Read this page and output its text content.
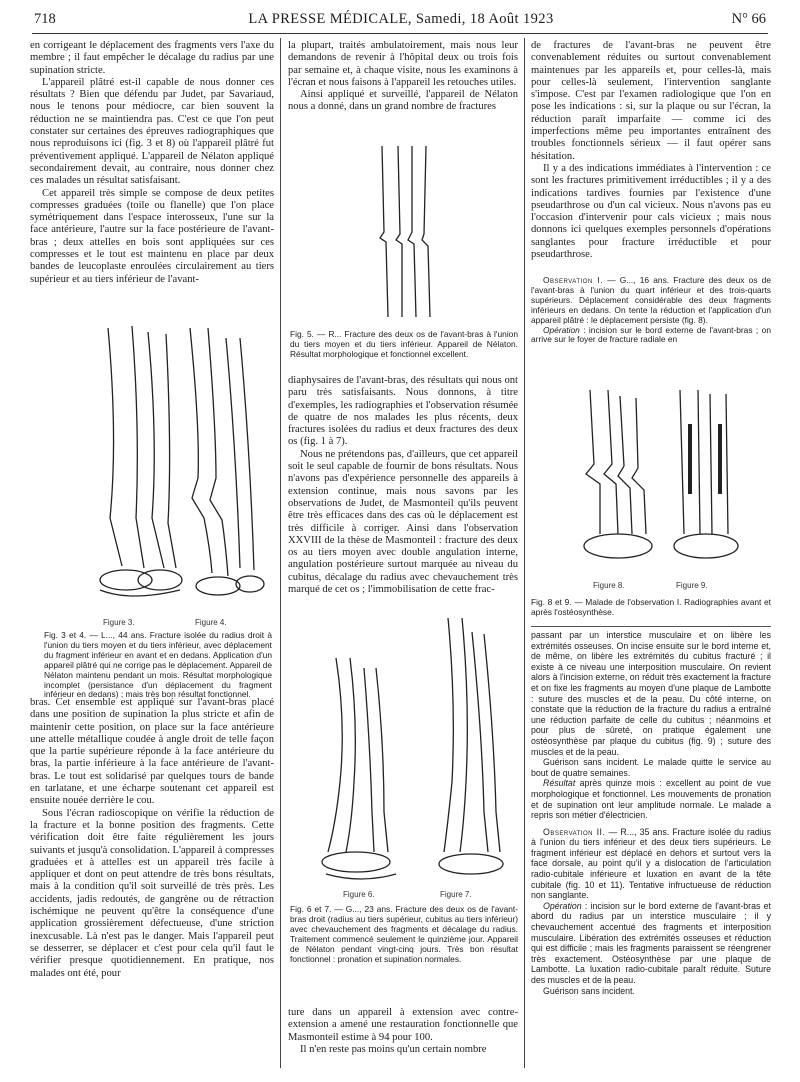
718	LA PRESSE MÉDICALE, Samedi, 18 Août 1923	N° 66

en corrigeant le déplacement des fragments vers l'axe du membre ; il faut empêcher le décalage du radius par une supination stricte.

L'appareil plâtré est-il capable de nous donner ces résultats ? Bien que défendu par Judet, par Savariaud, nous le tenons pour médiocre, car bien souvent la réduction ne se maintiendra pas. C'est ce que l'on peut constater sur certaines des épreuves radiographiques que nous reproduisons ici (fig. 3 et 8) où l'appareil plâtré fut préventivement appliqué. L'appareil de Nélaton appliqué secondairement devait, au contraire, nous donner chez ces malades un résultat satisfaisant.

Cet appareil très simple se compose de deux petites compresses graduées (toile ou flanelle) que l'on place symétriquement dans l'espace interosseux, l'une sur la face antérieure, l'autre sur la face postérieure de l'avant-bras ; deux attelles en bois sont appliquées sur ces compresses et le tout est maintenu en place par deux bandes de leucoplaste enroulées circulairement au tiers supérieur et au tiers inférieur de l'avant-

Figure 3.	Figure 4.
Fig. 3 et 4. — L..., 44 ans. Fracture isolée du radius droit à l'union du tiers moyen et du tiers inférieur, avec déplacement du fragment inférieur en avant et en dedans. Application d'un appareil plâtré qui ne corrige pas le déplacement. Appareil de Nélaton maintenu pendant un mois. Résultat morphologique incomplet (persistance d'un déplacement du fragment inférieur en dedans) ; mais très bon résultat fonctionnel.

bras. Cet ensemble est appliqué sur l'avant-bras placé dans une position de supination la plus stricte et afin de maintenir cette position, on place sur la face antérieure une attelle métallique coudée à angle droit de telle façon que la partie supérieure réponde à la face antérieure du bras, la partie inférieure à la face antérieure de l'avant-bras. Le tout est solidarisé par quelques tours de bande en tarlatane, et une écharpe soutenant cet appareil est ensuite nouée derrière le cou.

Sous l'écran radioscopique on vérifie la réduction de la fracture et la bonne position des fragments. Cette vérification doit être faite régulièrement les jours suivants et jusqu'à consolidation. L'appareil à compresses graduées et à attelles est un appareil très facile à appliquer et dont on peut attendre de très bons résultats, mais à la condition qu'il soit surveillé de très près. Les accidents, jadis redoutés, de gangrène ou de rétraction ischémique ne peuvent qu'être la conséquence d'une application grossièrement défectueuse, d'une striction inexcusable. Là n'est pas le danger. Mais l'appareil peut se desserrer, se déplacer et c'est pour cela qu'il faut le vérifier presque quotidiennement. En pratique, nos malades ont été, pour

la plupart, traités ambulatoirement, mais nous leur demandons de revenir à l'hôpital deux ou trois fois par semaine et, à chaque visite, nous les examinons à l'écran et nous faisons à l'appareil les retouches utiles.

Ainsi appliqué et surveillé, l'appareil de Nélaton nous a donné, dans un grand nombre de fractures

Fig. 5. — R... Fracture des deux os de l'avant-bras à l'union du tiers moyen et du tiers inférieur. Appareil de Nélaton. Résultat morphologique et fonctionnel excellent.

diaphysaires de l'avant-bras, des résultats qui nous ont paru très satisfaisants. Nous donnons, à titre d'exemples, les radiographies et l'observation résumée de quatre de nos malades les plus récents, deux fractures isolées du radius et deux fractures des deux os (fig. 1 à 7).

Nous ne prétendons pas, d'ailleurs, que cet appareil soit le seul capable de fournir de bons résultats. Nous n'avons pas d'expérience personnelle des appareils à extension continue, mais nous savons par les observations de Judet, de Masmonteil qu'ils peuvent être très efficaces dans des cas où le déplacement est très difficile à corriger. Ainsi dans l'observation XXVIII de la thèse de Masmonteil : fracture des deux os au tiers moyen avec double angulation interne, angulation postérieure surtout marquée au niveau du cubitus, décalage du radius avec chevauchement très marqué de cet os ; l'immobilisation de cette frac-

Figure 6.	Figure 7.
Fig. 6 et 7. — G..., 23 ans. Fracture des deux os de l'avant-bras droit (radius au tiers supérieur, cubitus au tiers inférieur) avec chevauchement des fragments et décalage du radius. Traitement commencé seulement le quinzième jour. Appareil de Nélaton pendant vingt-cinq jours. Très bon résultat fonctionnel : pronation et supination normales.

ture dans un appareil à extension avec contre-extension a amené une restauration fonctionnelle que Masmonteil estime à 94 pour 100.

Il n'en reste pas moins qu'un certain nombre

de fractures de l'avant-bras ne peuvent être convenablement réduites ou surtout convenablement maintenues par les appareils et, pour celles-là, mais pour celles-là seulement, l'intervention sanglante s'impose. C'est par l'examen radiologique que l'on en pose les indications : si, sur la plaque ou sur l'écran, la réduction paraît imparfaite — comme ici des imperfections même peu importantes entraînent des troubles fonctionnels sérieux — il faut opérer sans hésitation.

Il y a des indications immédiates à l'intervention : ce sont les fractures primitivement irréductibles ; il y a des indications tardives fournies par l'existence d'une pseudarthrose ou d'un cal vicieux. Nous n'avons pas eu l'occasion d'intervenir pour cals vicieux ; mais nous donnons ici quelques exemples personnels d'opérations sanglantes pour fracture irréductible et pour pseudarthrose.

Observation I. — G..., 16 ans. Fracture des deux os de l'avant-bras à l'union du quart inférieur et des trois-quarts supérieurs. Déplacement considérable des deux fragments inférieurs en dedans. On tente la réduction et l'application d'un appareil plâtré : le déplacement persiste (fig. 8).

Opération : incision sur le bord externe de l'avant-bras ; on arrive sur le foyer de fracture radiale en

Figure 8.	Figure 9.
Fig. 8 et 9. — Malade de l'observation I. Radiographies avant et après l'ostéosynthèse.

passant par un interstice musculaire et on libère les extrémités osseuses. On incise ensuite sur le bord interne et, de même, on libère les extrémités du cubitus fracturé ; il existe à ce niveau une interposition musculaire. On revient alors à l'incision externe, on réduit très exactement la fracture et on fixe les fragments au moyen d'une plaque de Lambotte : suture des muscles et de la peau. Du côté interne, on constate que la réduction de la fracture du radius a entraîné une réduction parfaite de celle du cubitus ; néanmoins et pour plus de sûreté, on pratique également une ostéosynthèse par plaque du cubitus (fig. 9) ; suture des muscles et de la peau.

Guérison sans incident. Le malade quitte le service au bout de quatre semaines.

Résultat après quinze mois : excellent au point de vue morphologique et fonctionnel. Les mouvements de pronation et de supination ont leur amplitude normale. Le malade a repris son métier d'électricien.

Observation II. — R..., 35 ans. Fracture isolée du radius à l'union du tiers inférieur et des deux tiers supérieurs. Le fragment inférieur est déplacé en dehors et surtout vers la face dorsale, au point qu'il y a dislocation de l'articulation radio-cubitale inférieure et luxation en avant de la tête cubitale (fig. 10 et 11). Tentative infructueuse de réduction non sanglante.

Opération : incision sur le bord externe de l'avant-bras et abord du radius par un interstice musculaire ; il y chevauchement accentué des fragments et interposition musculaire. Libération des extrémités osseuses et réduction qui est difficile ; mais les fragments paraissent se réengrener très exactement. Ostéosynthèse par une plaque de Lambotte. La luxation radio-cubitale paraît réduite. Suture des muscles et de la peau.

Guérison sans incident.
